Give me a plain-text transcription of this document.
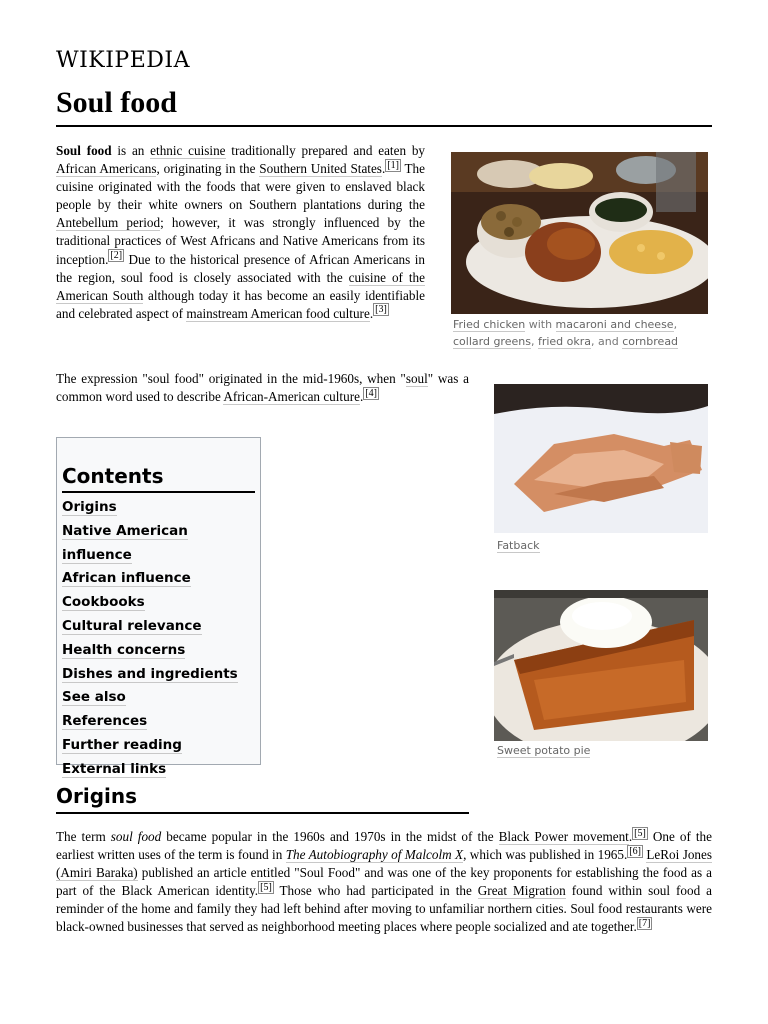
WIKIPEDIA
Soul food
Soul food is an ethnic cuisine traditionally prepared and eaten by African Americans, originating in the Southern United States. [1] The cuisine originated with the foods that were given to enslaved black people by their white owners on Southern plantations during the Antebellum period; however, it was strongly influenced by the traditional practices of West Africans and Native Americans from its inception. [2] Due to the historical presence of African Americans in the region, soul food is closely associated with the cuisine of the American South although today it has become an easily identifiable and celebrated aspect of mainstream American food culture. [3]
The expression "soul food" originated in the mid-1960s, when "soul" was a common word used to describe African-American culture. [4]
Fried chicken with macaroni and cheese, collard greens, fried okra, and cornbread
Fatback
Sweet potato pie
Contents
Origins
Native American influence
African influence
Cookbooks
Cultural relevance
Health concerns
Dishes and ingredients
See also
References
Further reading
External links
Origins
The term soul food became popular in the 1960s and 1970s in the midst of the Black Power movement. [5] One of the earliest written uses of the term is found in The Autobiography of Malcolm X, which was published in 1965. [6] LeRoi Jones (Amiri Baraka) published an article entitled "Soul Food" and was one of the key proponents for establishing the food as a part of the Black American identity. [5] Those who had participated in the Great Migration found within soul food a reminder of the home and family they had left behind after moving to unfamiliar northern cities. Soul food restaurants were black-owned businesses that served as neighborhood meeting places where people socialized and ate together. [7]
